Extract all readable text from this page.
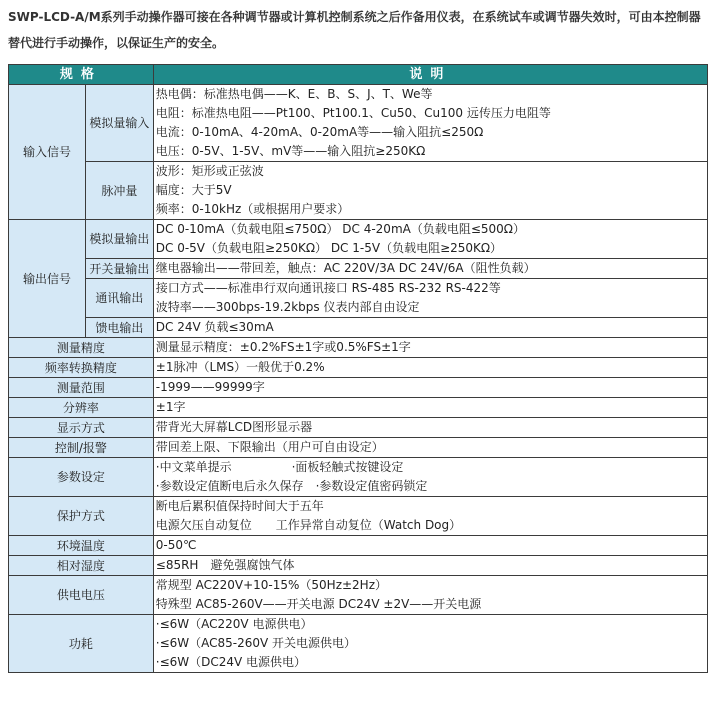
SWP-LCD-A/M系列手动操作器可接在各种调节器或计算机控制系统之后作备用仪表，在系统试车或调节器失效时，可由本控制器替代进行手动操作，以保证生产的安全。
规格		说明
输入信号	模拟量输入	热电偶：标准热电偶——K、E、B、S、J、T、We等
电阻：标准热电阻——Pt100、Pt100.1、Cu50、Cu100 远传压力电阻等
电流：0-10mA、4-20mA、0-20mA等——输入阻抗≤250Ω
电压：0-5V、1-5V、mV等——输入阻抗≥250KΩ

	脉冲量	波形：矩形或正弦波
幅度：大于5V
频率：0-10kHz（或根据用户要求）

输出信号	模拟量输出	DC 0-10mA（负载电阻≤750Ω） DC 4-20mA（负载电阻≤500Ω）
DC 0-5V（负载电阻≥250KΩ） DC 1-5V（负载电阻≥250KΩ）

	开关量输出	继电器输出——带回差，触点：AC 220V/3A DC 24V/6A（阻性负载）

	通讯输出	接口方式——标准串行双向通讯接口 RS-485 RS-232 RS-422等
波特率——300bps-19.2kbps 仪表内部自由设定

	馈电输出	DC 24V 负载≤30mA

测量精度		测量显示精度：±0.2%FS±1字或0.5%FS±1字

频率转换精度		±1脉冲（LMS）一般优于0.2%

测量范围		-1999——99999字

分辨率		±1字

显示方式		带背光大屏幕LCD图形显示器

控制/报警		带回差上限、下限输出（用户可自由设定）

参数设定		·中文菜单提示　　　　　·面板轻触式按键设定
·参数设定值断电后永久保存　·参数设定值密码锁定

保护方式		断电后累积值保持时间大于五年
电源欠压自动复位　　工作异常自动复位（Watch Dog）

环境温度		0-50℃

相对湿度		≤85RH　避免强腐蚀气体

供电电压		常规型 AC220V+10-15%（50Hz±2Hz）
特殊型 AC85-260V——开关电源 DC24V ±2V——开关电源

功耗		·≤6W（AC220V 电源供电）
·≤6W（AC85-260V 开关电源供电）
·≤6W（DC24V 电源供电）
